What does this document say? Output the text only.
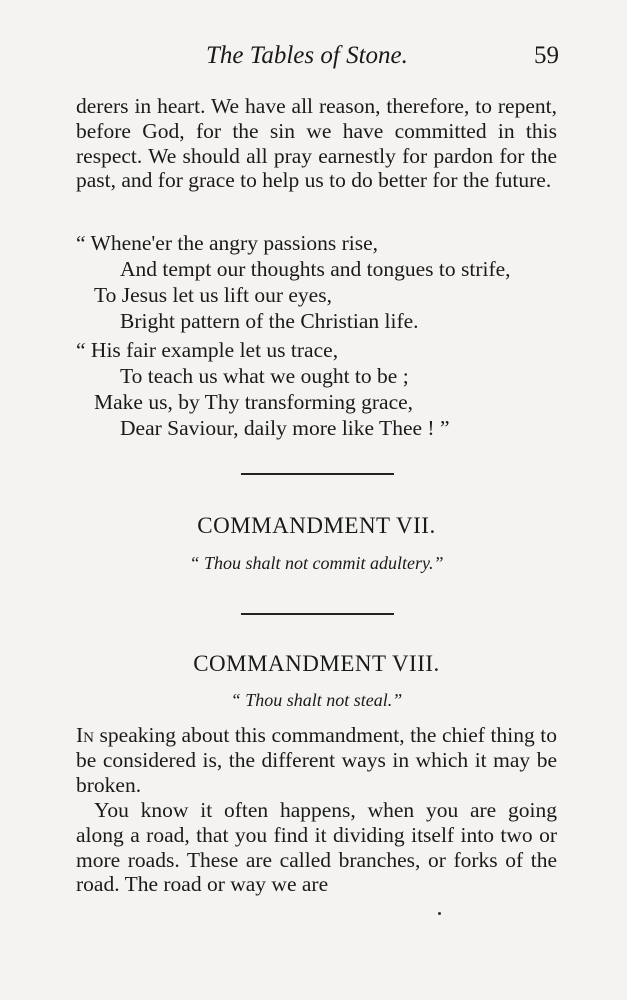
The Tables of Stone.	59

derers in heart. We have all reason, therefore, to repent, before God, for the sin we have committed in this respect. We should all pray earnestly for pardon for the past, and for grace to help us to do better for the future.

“ Whene'er the angry passions rise,
And tempt our thoughts and tongues to strife,
To Jesus let us lift our eyes,
Bright pattern of the Christian life.
“ His fair example let us trace,
To teach us what we ought to be ;
Make us, by Thy transforming grace,
Dear Saviour, daily more like Thee ! ”
COMMANDMENT VII.
“ Thou shalt not commit adultery.”
COMMANDMENT VIII.
“ Thou shalt not steal.”

In speaking about this commandment, the chief thing to be considered is, the different ways in which it may be broken.

You know it often happens, when you are going along a road, that you find it dividing itself into two or more roads. These are called branches, or forks of the road. The road or way we are
